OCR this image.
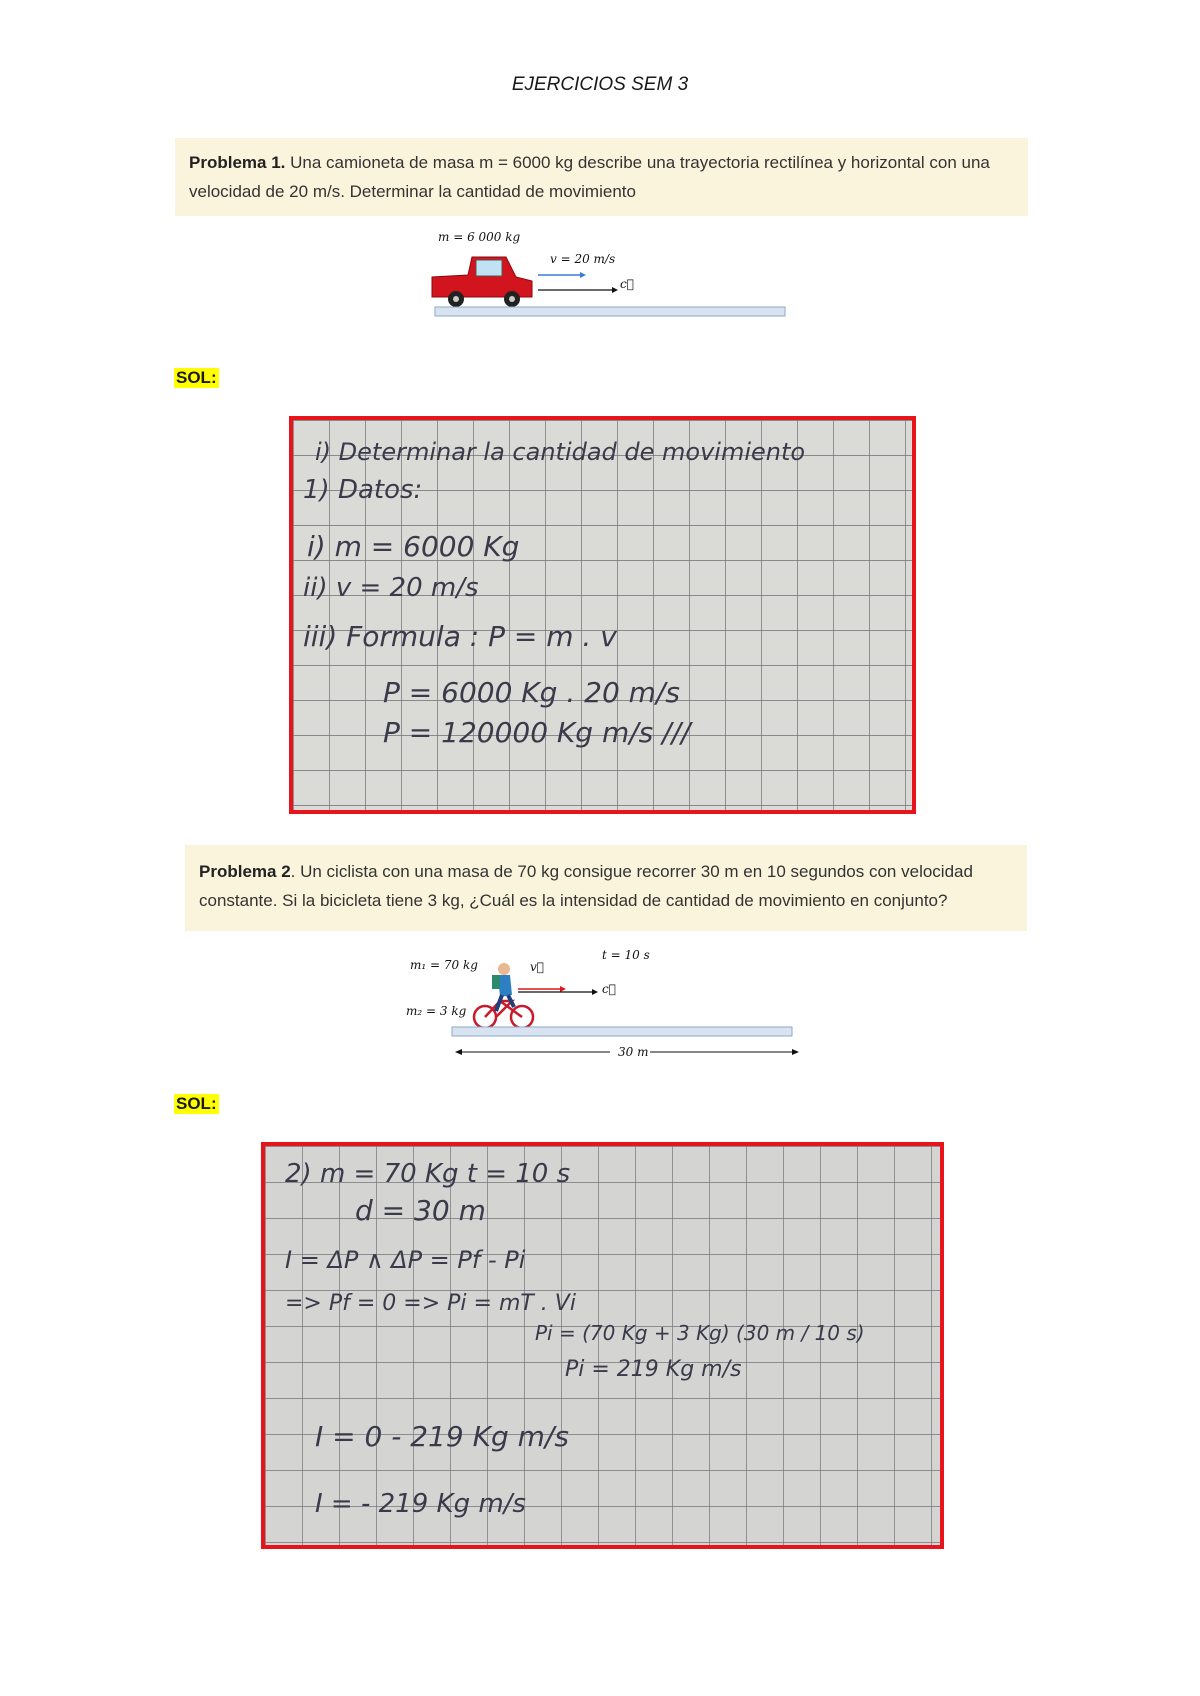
EJERCICIOS SEM 3
Problema 1. Una camioneta de masa m = 6000 kg describe una trayectoria rectilínea y horizontal con una velocidad de 20 m/s. Determinar la cantidad de movimiento
m = 6 000 kg
v = 20 m/s
c⃗
SOL:
i) Determinar la cantidad de movimiento
1) Datos:
i) m = 6000 Kg
ii) v = 20 m/s
iii) Formula : P = m . v
P = 6000 Kg . 20 m/s
P = 120000 Kg m/s ///
Problema 2. Un ciclista con una masa de 70 kg consigue recorrer 30 m en 10 segundos con velocidad constante. Si la bicicleta tiene 3 kg, ¿Cuál es la intensidad de cantidad de movimiento en conjunto?
m₁ = 70 kg
m₂ = 3 kg
v⃗
t = 10 s
c⃗
30 m
SOL:
2) m = 70 Kg t = 10 s
d = 30 m
I = ΔP ∧ ΔP = Pf - Pi
=> Pf = 0 => Pi = mT . Vi
Pi = (70 Kg + 3 Kg) (30 m / 10 s)
Pi = 219 Kg m/s
I = 0 - 219 Kg m/s
I = - 219 Kg m/s
